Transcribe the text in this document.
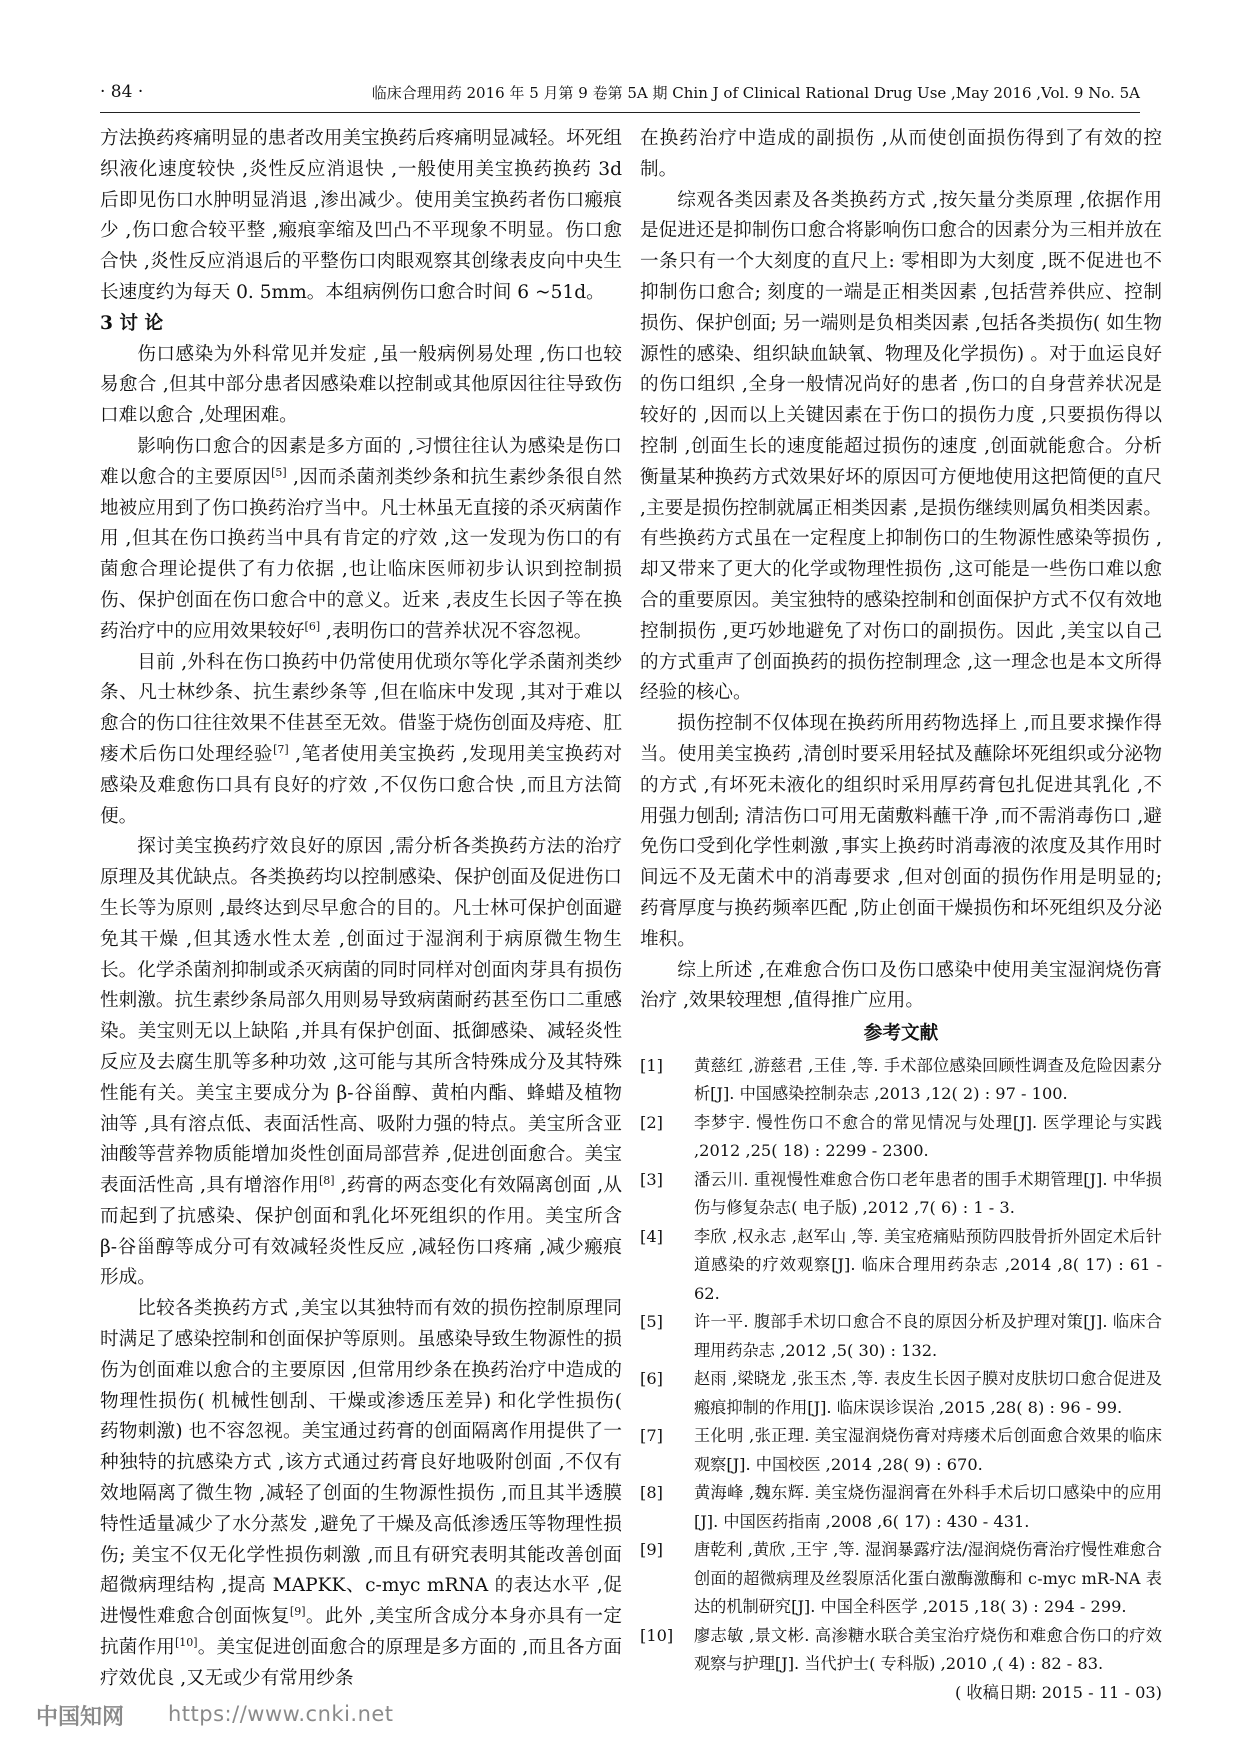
· 84 ·	临床合理用药 2016 年 5 月第 9 卷第 5A 期 Chin J of Clinical Rational Drug Use ,May 2016 ,Vol. 9 No. 5A

方法换药疼痛明显的患者改用美宝换药后疼痛明显减轻。坏死组织液化速度较快 ,炎性反应消退快 ,一般使用美宝换药换药 3d 后即见伤口水肿明显消退 ,渗出减少。使用美宝换药者伤口瘢痕少 ,伤口愈合较平整 ,瘢痕挛缩及凹凸不平现象不明显。伤口愈合快 ,炎性反应消退后的平整伤口肉眼观察其创缘表皮向中央生长速度约为每天 0. 5mm。本组病例伤口愈合时间 6 ~51d。

3 讨 论

伤口感染为外科常见并发症 ,虽一般病例易处理 ,伤口也较易愈合 ,但其中部分患者因感染难以控制或其他原因往往导致伤口难以愈合 ,处理困难。

影响伤口愈合的因素是多方面的 ,习惯往往认为感染是伤口难以愈合的主要原因[5] ,因而杀菌剂类纱条和抗生素纱条很自然地被应用到了伤口换药治疗当中。凡士林虽无直接的杀灭病菌作用 ,但其在伤口换药当中具有肯定的疗效 ,这一发现为伤口的有菌愈合理论提供了有力依据 ,也让临床医师初步认识到控制损伤、保护创面在伤口愈合中的意义。近来 ,表皮生长因子等在换药治疗中的应用效果较好[6] ,表明伤口的营养状况不容忽视。

目前 ,外科在伤口换药中仍常使用优琐尔等化学杀菌剂类纱条、凡士林纱条、抗生素纱条等 ,但在临床中发现 ,其对于难以愈合的伤口往往效果不佳甚至无效。借鉴于烧伤创面及痔疮、肛瘘术后伤口处理经验[7] ,笔者使用美宝换药 ,发现用美宝换药对感染及难愈伤口具有良好的疗效 ,不仅伤口愈合快 ,而且方法简便。

探讨美宝换药疗效良好的原因 ,需分析各类换药方法的治疗原理及其优缺点。各类换药均以控制感染、保护创面及促进伤口生长等为原则 ,最终达到尽早愈合的目的。凡士林可保护创面避免其干燥 ,但其透水性太差 ,创面过于湿润利于病原微生物生长。化学杀菌剂抑制或杀灭病菌的同时同样对创面肉芽具有损伤性刺激。抗生素纱条局部久用则易导致病菌耐药甚至伤口二重感染。美宝则无以上缺陷 ,并具有保护创面、抵御感染、减轻炎性反应及去腐生肌等多种功效 ,这可能与其所含特殊成分及其特殊性能有关。美宝主要成分为 β-谷甾醇、黄柏内酯、蜂蜡及植物油等 ,具有溶点低、表面活性高、吸附力强的特点。美宝所含亚油酸等营养物质能增加炎性创面局部营养 ,促进创面愈合。美宝表面活性高 ,具有增溶作用[8] ,药膏的两态变化有效隔离创面 ,从而起到了抗感染、保护创面和乳化坏死组织的作用。美宝所含 β-谷甾醇等成分可有效减轻炎性反应 ,减轻伤口疼痛 ,减少瘢痕形成。

比较各类换药方式 ,美宝以其独特而有效的损伤控制原理同时满足了感染控制和创面保护等原则。虽感染导致生物源性的损伤为创面难以愈合的主要原因 ,但常用纱条在换药治疗中造成的物理性损伤( 机械性刨刮、干燥或渗透压差异) 和化学性损伤( 药物刺激) 也不容忽视。美宝通过药膏的创面隔离作用提供了一种独特的抗感染方式 ,该方式通过药膏良好地吸附创面 ,不仅有效地隔离了微生物 ,减轻了创面的生物源性损伤 ,而且其半透膜特性适量减少了水分蒸发 ,避免了干燥及高低渗透压等物理性损伤; 美宝不仅无化学性损伤刺激 ,而且有研究表明其能改善创面超微病理结构 ,提高 MAPKK、c-myc mRNA 的表达水平 ,促进慢性难愈合创面恢复[9]。此外 ,美宝所含成分本身亦具有一定抗菌作用[10]。美宝促进创面愈合的原理是多方面的 ,而且各方面疗效优良 ,又无或少有常用纱条

在换药治疗中造成的副损伤 ,从而使创面损伤得到了有效的控制。

综观各类因素及各类换药方式 ,按矢量分类原理 ,依据作用是促进还是抑制伤口愈合将影响伤口愈合的因素分为三相并放在一条只有一个大刻度的直尺上: 零相即为大刻度 ,既不促进也不抑制伤口愈合; 刻度的一端是正相类因素 ,包括营养供应、控制损伤、保护创面; 另一端则是负相类因素 ,包括各类损伤( 如生物源性的感染、组织缺血缺氧、物理及化学损伤) 。对于血运良好的伤口组织 ,全身一般情况尚好的患者 ,伤口的自身营养状况是较好的 ,因而以上关键因素在于伤口的损伤力度 ,只要损伤得以控制 ,创面生长的速度能超过损伤的速度 ,创面就能愈合。分析衡量某种换药方式效果好坏的原因可方便地使用这把简便的直尺 ,主要是损伤控制就属正相类因素 ,是损伤继续则属负相类因素。有些换药方式虽在一定程度上抑制伤口的生物源性感染等损伤 ,却又带来了更大的化学或物理性损伤 ,这可能是一些伤口难以愈合的重要原因。美宝独特的感染控制和创面保护方式不仅有效地控制损伤 ,更巧妙地避免了对伤口的副损伤。因此 ,美宝以自己的方式重声了创面换药的损伤控制理念 ,这一理念也是本文所得经验的核心。

损伤控制不仅体现在换药所用药物选择上 ,而且要求操作得当。使用美宝换药 ,清创时要采用轻拭及蘸除坏死组织或分泌物的方式 ,有坏死未液化的组织时采用厚药膏包扎促进其乳化 ,不用强力刨刮; 清洁伤口可用无菌敷料蘸干净 ,而不需消毒伤口 ,避免伤口受到化学性刺激 ,事实上换药时消毒液的浓度及其作用时间远不及无菌术中的消毒要求 ,但对创面的损伤作用是明显的; 药膏厚度与换药频率匹配 ,防止创面干燥损伤和坏死组织及分泌堆积。

综上所述 ,在难愈合伤口及伤口感染中使用美宝湿润烧伤膏治疗 ,效果较理想 ,值得推广应用。

参考文献
[1] 黄慈红 ,游慈君 ,王佳 ,等. 手术部位感染回顾性调查及危险因素分析[J]. 中国感染控制杂志 ,2013 ,12( 2) : 97 - 100.
[2] 李梦宇. 慢性伤口不愈合的常见情况与处理[J]. 医学理论与实践 ,2012 ,25( 18) : 2299 - 2300.
[3] 潘云川. 重视慢性难愈合伤口老年患者的围手术期管理[J]. 中华损伤与修复杂志( 电子版) ,2012 ,7( 6) : 1 - 3.
[4] 李欣 ,权永志 ,赵军山 ,等. 美宝疮痛贴预防四肢骨折外固定术后针道感染的疗效观察[J]. 临床合理用药杂志 ,2014 ,8( 17) : 61 - 62.
[5] 许一平. 腹部手术切口愈合不良的原因分析及护理对策[J]. 临床合理用药杂志 ,2012 ,5( 30) : 132.
[6] 赵雨 ,梁晓龙 ,张玉杰 ,等. 表皮生长因子膜对皮肤切口愈合促进及瘢痕抑制的作用[J]. 临床误诊误治 ,2015 ,28( 8) : 96 - 99.
[7] 王化明 ,张正理. 美宝湿润烧伤膏对痔瘘术后创面愈合效果的临床观察[J]. 中国校医 ,2014 ,28( 9) : 670.
[8] 黄海峰 ,魏东辉. 美宝烧伤湿润膏在外科手术后切口感染中的应用[J]. 中国医药指南 ,2008 ,6( 17) : 430 - 431.
[9] 唐乾利 ,黄欣 ,王宇 ,等. 湿润暴露疗法/湿润烧伤膏治疗慢性难愈合创面的超微病理及丝裂原活化蛋白激酶激酶和 c-myc mR-NA 表达的机制研究[J]. 中国全科医学 ,2015 ,18( 3) : 294 - 299.
[10] 廖志敏 ,景文彬. 高渗糖水联合美宝治疗烧伤和难愈合伤口的疗效观察与护理[J]. 当代护士( 专科版) ,2010 ,( 4) : 82 - 83.
( 收稿日期: 2015 - 11 - 03)
中国知网 https://www.cnki.net
